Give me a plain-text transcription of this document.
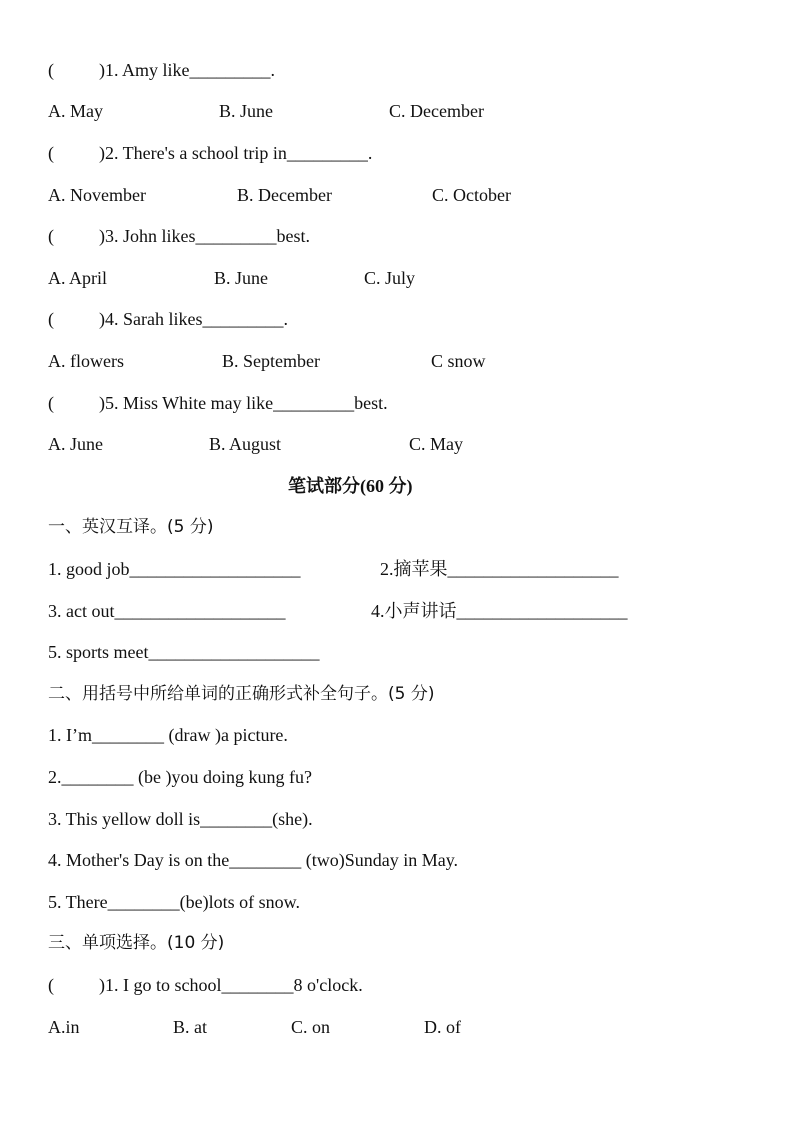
(          )1. Amy like_________.
A. May	B. June	C. December
(          )2. There's a school trip in_________.
A. November	B. December	C. October
(          )3. John likes_________best.
A. April	B. June	C. July
(          )4. Sarah likes_________.
A. flowers	B. September	C snow
(          )5. Miss White may like_________best.
A. June	B. August	C. May
笔试部分(60 分)
一、英汉互译。(5 分)
1. good job___________________	2.摘苹果___________________
3. act out___________________	4.小声讲话___________________
5. sports meet___________________
二、用括号中所给单词的正确形式补全句子。(5 分)
1. I’m________ (draw )a picture.
2.________ (be )you doing kung fu?
3. This yellow doll is________(she).
4. Mother's Day is on the________ (two)Sunday in May.
5. There________(be)lots of snow.
三、单项选择。(10 分)
(          )1. I go to school________8 o'clock.
A.in	B. at	C. on	D. of
